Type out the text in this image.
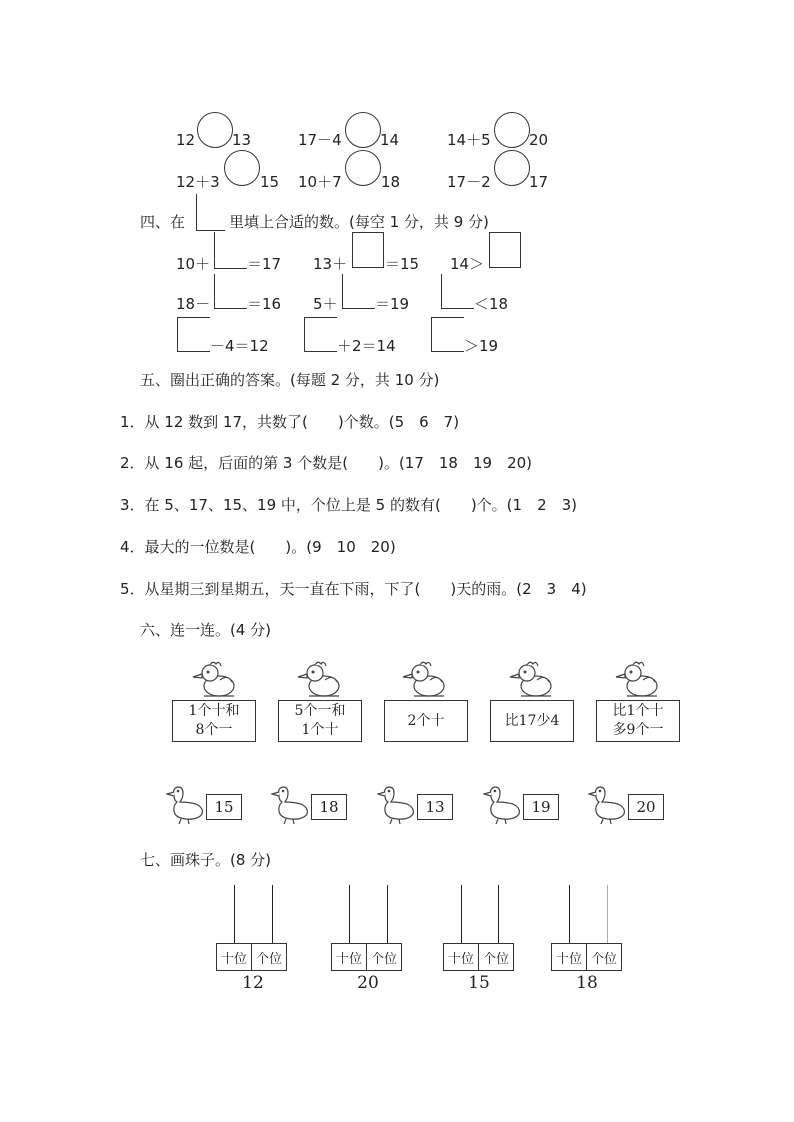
12 13	17－4	14	14＋5	20
12＋3	15 10＋7	18	17－2	17
四、在	里填上合适的数。(每空 1 分，共 9 分)
10＋ ＝17 13＋	＝15 14＞
18－ ＝16 5＋ ＝19	＜18
－4＝12	＋2＝14	＞19
五、圈出正确的答案。(每题 2 分，共 10 分)
1．从 12 数到 17，共数了(　　)个数。(5　6　7)
2．从 16 起，后面的第 3 个数是(　　)。(17　18　19　20)
3．在 5、17、15、19 中，个位上是 5 的数有(　　)个。(1　2　3)
4．最大的一位数是(　　)。(9　10　20)
5．从星期三到星期五，天一直在下雨，下了(　　)天的雨。(2　3　4)
六、连一连。(4 分)
1个十和
8个一
5个一和
1个十
2个十	比17少4
比1个十
多9个一
15	18	13	19	20
七、画珠子。(8 分)
十位	个位
12
十位	个位
20
十位	个位
15
十位	个位
18
